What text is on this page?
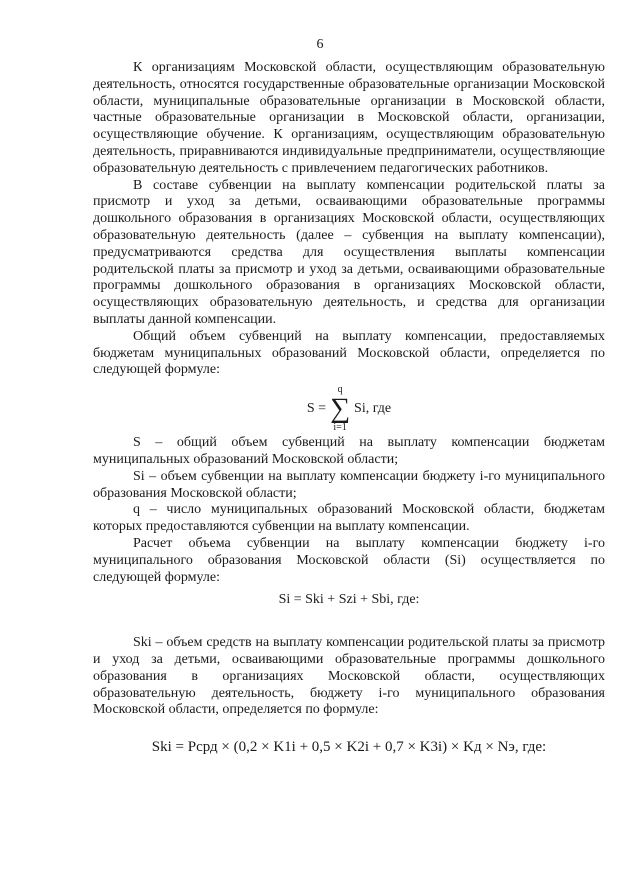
6

К организациям Московской области, осуществляющим образовательную деятельность, относятся государственные образовательные организации Московской области, муниципальные образовательные организации в Московской области, частные образовательные организации в Московской области, организации, осуществляющие обучение. К организациям, осуществляющим образовательную деятельность, приравниваются индивидуальные предприниматели, осуществляющие образовательную деятельность с привлечением педагогических работников.

В составе субвенции на выплату компенсации родительской платы за присмотр и уход за детьми, осваивающими образовательные программы дошкольного образования в организациях Московской области, осуществляющих образовательную деятельность (далее – субвенция на выплату компенсации), предусматриваются средства для осуществления выплаты компенсации родительской платы за присмотр и уход за детьми, осваивающими образовательные программы дошкольного образования в организациях Московской области, осуществляющих образовательную деятельность, и средства для организации выплаты данной компенсации.

Общий объем субвенций на выплату компенсации, предоставляемых бюджетам муниципальных образований Московской области, определяется по следующей формуле:

S =
q
∑
i=1
Si, где

S – общий объем субвенций на выплату компенсации бюджетам муниципальных образований Московской области;

Si – объем субвенции на выплату компенсации бюджету i-го муниципального образования Московской области;

q – число муниципальных образований Московской области, бюджетам которых предоставляются субвенции на выплату компенсации.

Расчет объема субвенции на выплату компенсации бюджету i-го муниципального образования Московской области (Si) осуществляется по следующей формуле:

Si = Ski + Szi + Sbi, где:

Ski – объем средств на выплату компенсации родительской платы за присмотр и уход за детьми, осваивающими образовательные программы дошкольного образования в организациях Московской области, осуществляющих образовательную деятельность, бюджету i-го муниципального образования Московской области, определяется по формуле:

Ski = Pсрд × (0,2 × K1i + 0,5 × K2i + 0,7 × K3i) × Kд × Nэ, где:
